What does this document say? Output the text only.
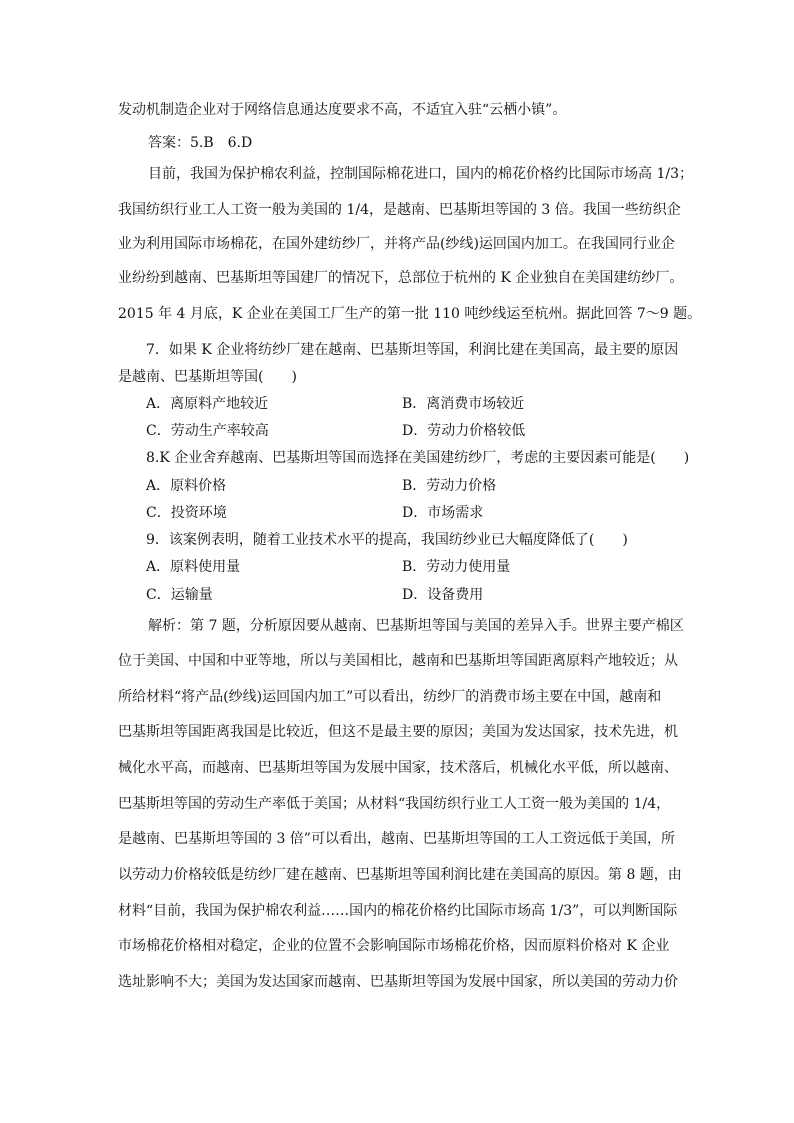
发动机制造企业对于网络信息通达度要求不高，不适宜入驻“云栖小镇”。
答案：5.B　6.D
目前，我国为保护棉农利益，控制国际棉花进口，国内的棉花价格约比国际市场高 1/3；
我国纺织行业工人工资一般为美国的 1/4，是越南、巴基斯坦等国的 3 倍。我国一些纺织企
业为利用国际市场棉花，在国外建纺纱厂，并将产品(纱线)运回国内加工。在我国同行业企
业纷纷到越南、巴基斯坦等国建厂的情况下，总部位于杭州的 K 企业独自在美国建纺纱厂。
2015 年 4 月底，K 企业在美国工厂生产的第一批 110 吨纱线运至杭州。据此回答 7～9 题。
7．如果 K 企业将纺纱厂建在越南、巴基斯坦等国，利润比建在美国高，最主要的原因
是越南、巴基斯坦等国(　　)
A．离原料产地较近	B．离消费市场较近
C．劳动生产率较高	D．劳动力价格较低
8.K 企业舍弃越南、巴基斯坦等国而选择在美国建纺纱厂，考虑的主要因素可能是(　　)
A．原料价格	B．劳动力价格
C．投资环境	D．市场需求
9．该案例表明，随着工业技术水平的提高，我国纺纱业已大幅度降低了(　　)
A．原料使用量	B．劳动力使用量
C．运输量	D．设备费用
解析：第 7 题，分析原因要从越南、巴基斯坦等国与美国的差异入手。世界主要产棉区
位于美国、中国和中亚等地，所以与美国相比，越南和巴基斯坦等国距离原料产地较近；从
所给材料“将产品(纱线)运回国内加工”可以看出，纺纱厂的消费市场主要在中国，越南和
巴基斯坦等国距离我国是比较近，但这不是最主要的原因；美国为发达国家，技术先进，机
械化水平高，而越南、巴基斯坦等国为发展中国家，技术落后，机械化水平低，所以越南、
巴基斯坦等国的劳动生产率低于美国；从材料“我国纺织行业工人工资一般为美国的 1/4，
是越南、巴基斯坦等国的 3 倍”可以看出，越南、巴基斯坦等国的工人工资远低于美国，所
以劳动力价格较低是纺纱厂建在越南、巴基斯坦等国利润比建在美国高的原因。第 8 题，由
材料“目前，我国为保护棉农利益……国内的棉花价格约比国际市场高 1/3”，可以判断国际
市场棉花价格相对稳定，企业的位置不会影响国际市场棉花价格，因而原料价格对 K 企业
选址影响不大；美国为发达国家而越南、巴基斯坦等国为发展中国家，所以美国的劳动力价
